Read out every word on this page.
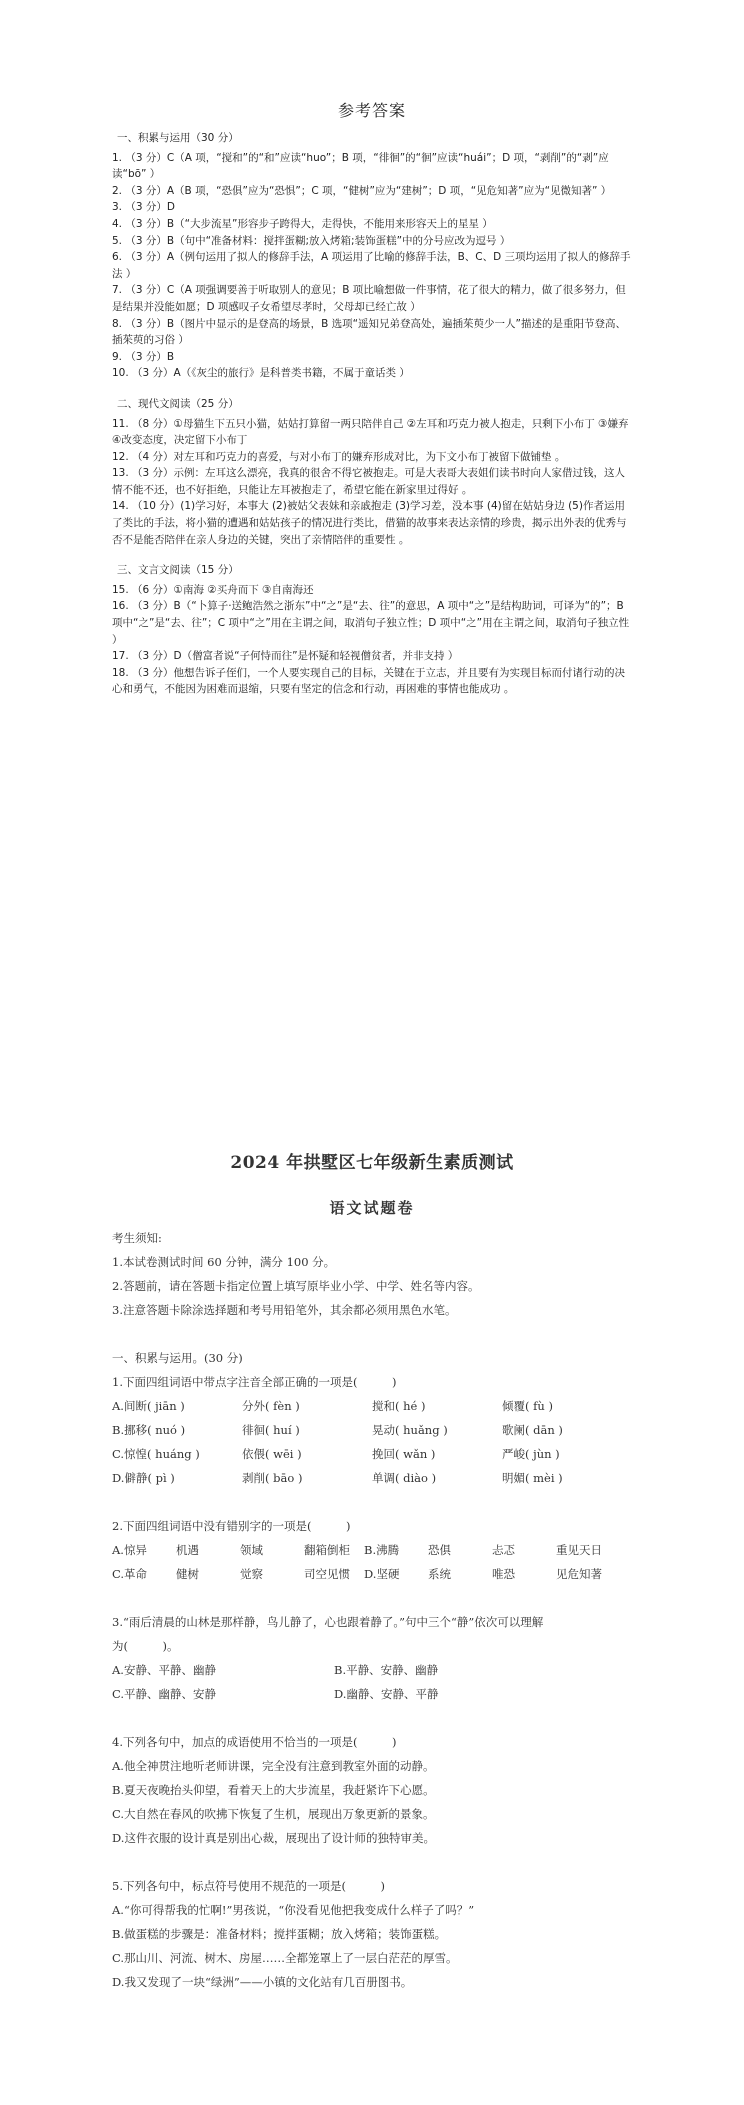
参考答案
一、积累与运用（30 分）
1. （3 分）C（A 项，“搅和”的“和”应读“huo”；B 项，“徘徊”的“徊”应读“huái”；D 项，“剥削”的“剥”应读“bō” ）
2. （3 分）A（B 项，“恐俱”应为“恐惧”；C 项，“健树”应为“建树”；D 项，“见危知著”应为“见微知著” ）
3. （3 分）D
4. （3 分）B（“大步流星”形容步子跨得大，走得快，不能用来形容天上的星星 ）
5. （3 分）B（句中“准备材料：搅拌蛋糊;放入烤箱;装饰蛋糕”中的分号应改为逗号 ）
6. （3 分）A（例句运用了拟人的修辞手法，A 项运用了比喻的修辞手法，B、C、D 三项均运用了拟人的修辞手法 ）
7. （3 分）C（A 项强调要善于听取别人的意见；B 项比喻想做一件事情，花了很大的精力，做了很多努力，但是结果并没能如愿；D 项感叹子女希望尽孝时，父母却已经亡故 ）
8. （3 分）B（图片中显示的是登高的场景，B 选项“遥知兄弟登高处，遍插茱萸少一人”描述的是重阳节登高、插茱萸的习俗 ）
9. （3 分）B
10. （3 分）A（《灰尘的旅行》是科普类书籍，不属于童话类 ）
二、现代文阅读（25 分）
11. （8 分）①母猫生下五只小猫，姑姑打算留一两只陪伴自己 ②左耳和巧克力被人抱走，只剩下小布丁 ③嫌弃 ④改变态度，决定留下小布丁
12. （4 分）对左耳和巧克力的喜爱，与对小布丁的嫌弃形成对比，为下文小布丁被留下做铺垫 。
13. （3 分）示例：左耳这么漂亮，我真的很舍不得它被抱走。可是大表哥大表姐们读书时向人家借过钱，这人情不能不还，也不好拒绝，只能让左耳被抱走了，希望它能在新家里过得好 。
14. （10 分）(1)学习好，本事大 (2)被姑父表妹和亲戚抱走 (3)学习差，没本事 (4)留在姑姑身边 (5)作者运用了类比的手法，将小猫的遭遇和姑姑孩子的情况进行类比，借猫的故事来表达亲情的珍贵，揭示出外表的优秀与否不是能否陪伴在亲人身边的关键，突出了亲情陪伴的重要性 。
三、文言文阅读（15 分）
15. （6 分）①南海 ②买舟而下 ③自南海还
16. （3 分）B（“卜算子·送鲍浩然之浙东”中“之”是“去、往”的意思，A 项中“之”是结构助词，可译为“的”；B 项中“之”是“去、往”；C 项中“之”用在主谓之间，取消句子独立性；D 项中“之”用在主谓之间，取消句子独立性 ）
17. （3 分）D（僧富者说“子何恃而往”是怀疑和轻视僧贫者，并非支持 ）
18. （3 分）他想告诉子侄们，一个人要实现自己的目标，关键在于立志，并且要有为实现目标而付诸行动的决心和勇气，不能因为困难而退缩，只要有坚定的信念和行动，再困难的事情也能成功 。
2024 年拱墅区七年级新生素质测试
语文试题卷
考生须知:
1.本试卷测试时间 60 分钟，满分 100 分。
2.答题前，请在答题卡指定位置上填写原毕业小学、中学、姓名等内容。
3.注意答题卡除涂选择题和考号用铅笔外，其余都必须用黑色水笔。
一、积累与运用。(30 分)
1.下面四组词语中带点字注音全部正确的一项是(　　　)
A.间断( jiān )	分外( fèn )	搅和( hé )	倾覆( fù )
B.挪移( nuó )	徘徊( huí )	晃动( huǎng )	歌阑( dān )
C.惊惶( huáng )	依偎( wēi )	挽回( wǎn )	严峻( jùn )
D.僻静( pì )	剥削( bāo )	单调( diào )	明媚( mèi )
2.下面四组词语中没有错别字的一项是(　　　)
A.惊异	机遇	领域	翻箱倒柜	B.沸腾	恐俱	忐忑	重见天日
C.革命	健树	觉察	司空见惯	D.坚硬	系统	唯恐	见危知著
3.“雨后清晨的山林是那样静，鸟儿静了，心也跟着静了。”句中三个“静”依次可以理解
为(　　　)。
A.安静、平静、幽静	B.平静、安静、幽静
C.平静、幽静、安静	D.幽静、安静、平静
4.下列各句中，加点的成语使用不恰当的一项是(　　　)
A.他全神贯注地听老师讲课，完全没有注意到教室外面的动静。
B.夏天夜晚抬头仰望，看着天上的大步流星，我赶紧许下心愿。
C.大自然在春风的吹拂下恢复了生机，展现出万象更新的景象。
D.这件衣服的设计真是别出心裁，展现出了设计师的独特审美。
5.下列各句中，标点符号使用不规范的一项是(　　　)
A.“你可得帮我的忙啊!”男孩说，“你没看见他把我变成什么样子了吗？”
B.做蛋糕的步骤是：准备材料；搅拌蛋糊；放入烤箱；装饰蛋糕。
C.那山川、河流、树木、房屋……全都笼罩上了一层白茫茫的厚雪。
D.我又发现了一块“绿洲”——小镇的文化站有几百册图书。
